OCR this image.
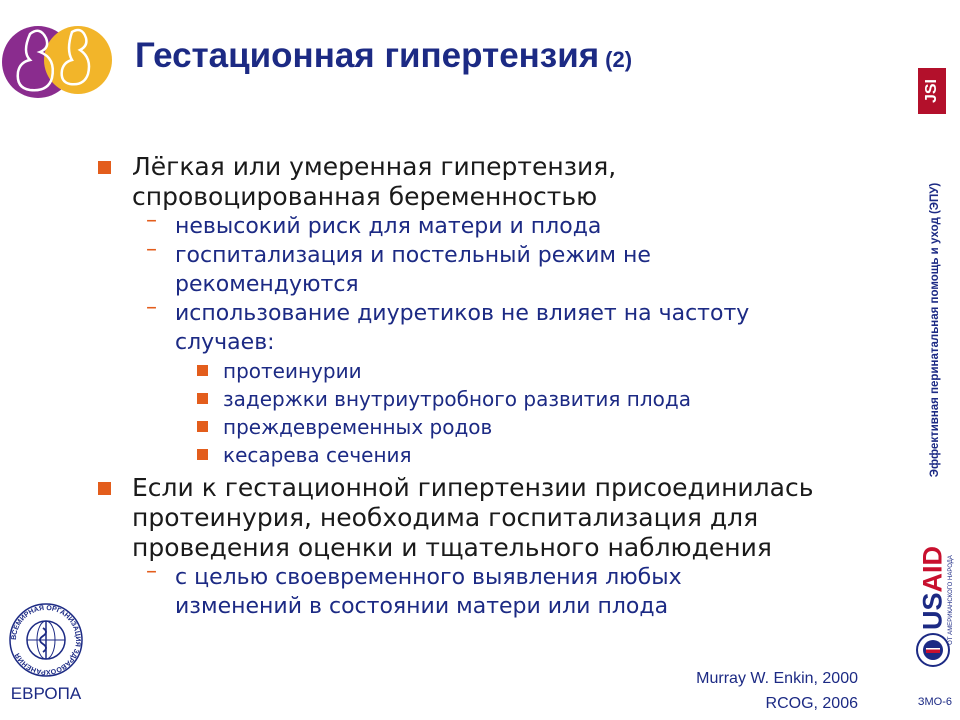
Гестационная гипертензия (2)
Лёгкая или умеренная гипертензия,
спровоцированная беременностью
– невысокий риск для матери и плода
– госпитализация и постельный режим не
рекомендуются
– использование диуретиков не влияет на частоту
случаев:
протеинурии
задержки внутриутробного развития плода
преждевременных родов
кесарева сечения
Если к гестационной гипертензии присоединилась
протеинурия, необходима госпитализация для
проведения оценки и тщательного наблюдения
– с целью своевременного выявления любых
изменений в состоянии матери или плода
Murray W. Enkin, 2000
RCOG, 2006
JSI
Эффективная перинатальная помощь и уход (ЭПУ)
USAID ОТ АМЕРИКАНСКОГО НАРОДА
ЗМО-6
ВСЕМИРНАЯ ОРГАНИЗАЦИЯ ЗДРАВООХРАНЕНИЯ
ЕВРОПА
